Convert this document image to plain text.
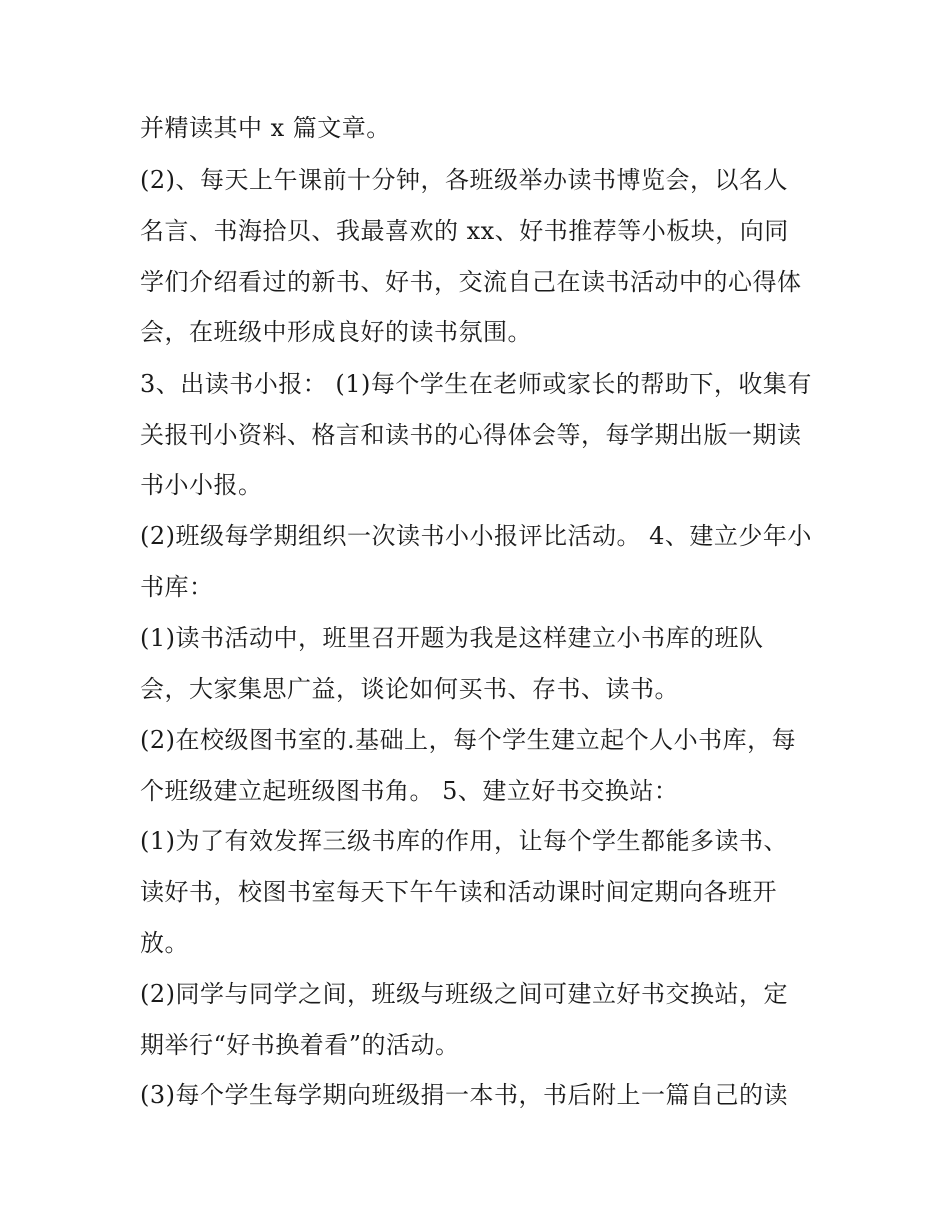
并精读其中 x 篇文章。
(2)、每天上午课前十分钟，各班级举办读书博览会，以名人
名言、书海拾贝、我最喜欢的 xx、好书推荐等小板块，向同
学们介绍看过的新书、好书，交流自己在读书活动中的心得体
会，在班级中形成良好的读书氛围。
3、出读书小报： (1)每个学生在老师或家长的帮助下，收集有
关报刊小资料、格言和读书的心得体会等，每学期出版一期读
书小小报。
(2)班级每学期组织一次读书小小报评比活动。 4、建立少年小
书库：
(1)读书活动中，班里召开题为我是这样建立小书库的班队
会，大家集思广益，谈论如何买书、存书、读书。
(2)在校级图书室的.基础上，每个学生建立起个人小书库，每
个班级建立起班级图书角。 5、建立好书交换站：
(1)为了有效发挥三级书库的作用，让每个学生都能多读书、
读好书，校图书室每天下午午读和活动课时间定期向各班开
放。
(2)同学与同学之间，班级与班级之间可建立好书交换站，定
期举行“好书换着看”的活动。
(3)每个学生每学期向班级捐一本书，书后附上一篇自己的读
